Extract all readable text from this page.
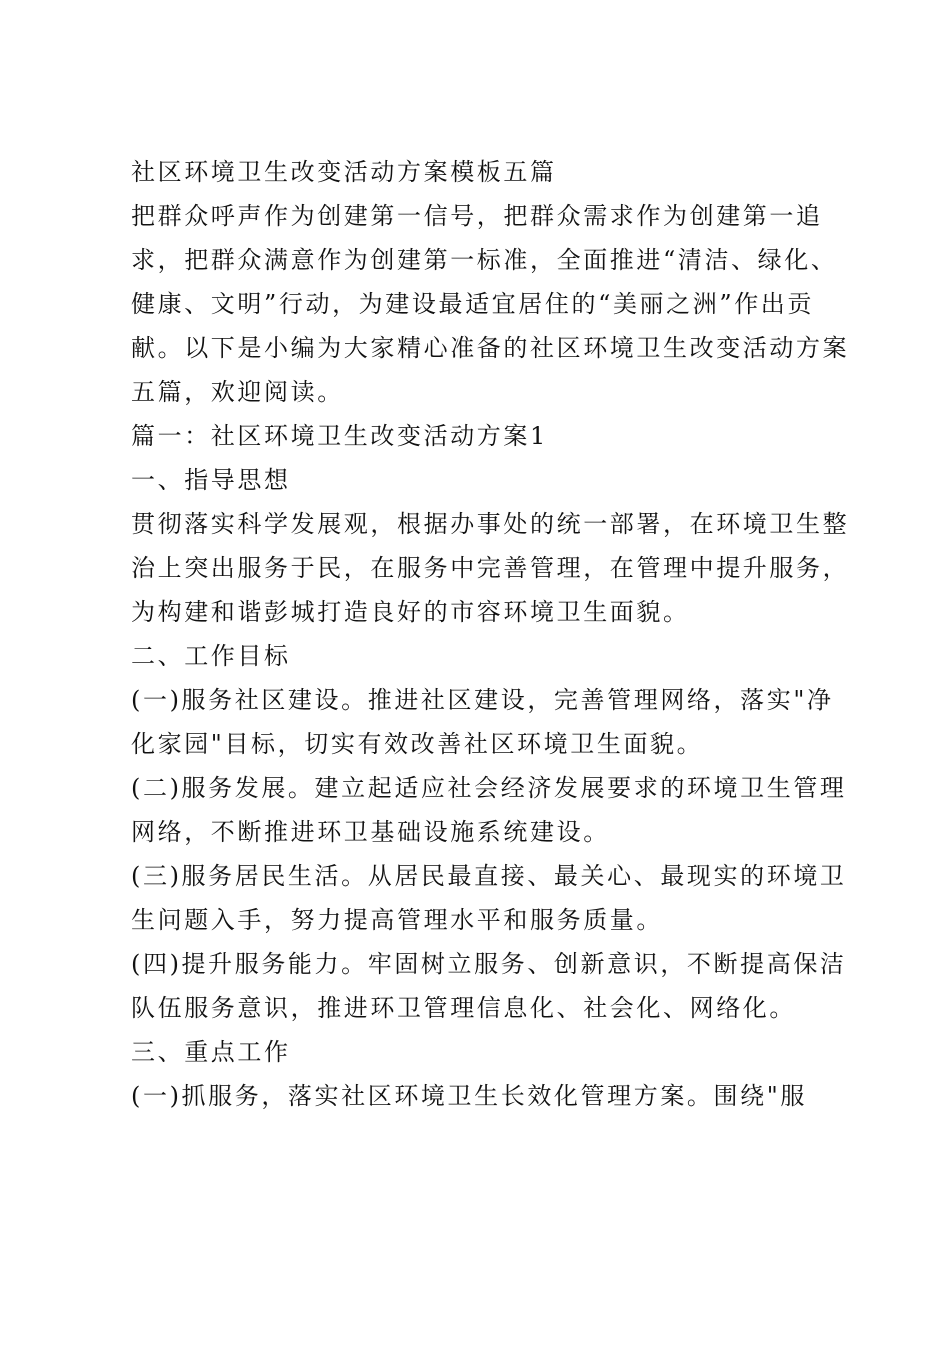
社区环境卫生改变活动方案模板五篇
把群众呼声作为创建第一信号，把群众需求作为创建第一追
求，把群众满意作为创建第一标准，全面推进“清洁、绿化、
健康、文明”行动，为建设最适宜居住的“美丽之洲”作出贡
献。以下是小编为大家精心准备的社区环境卫生改变活动方案
五篇，欢迎阅读。
篇一：社区环境卫生改变活动方案1
一、指导思想
贯彻落实科学发展观，根据办事处的统一部署，在环境卫生整
治上突出服务于民，在服务中完善管理，在管理中提升服务，
为构建和谐彭城打造良好的市容环境卫生面貌。
二、工作目标
(一)服务社区建设。推进社区建设，完善管理网络，落实"净
化家园"目标，切实有效改善社区环境卫生面貌。
(二)服务发展。建立起适应社会经济发展要求的环境卫生管理
网络，不断推进环卫基础设施系统建设。
(三)服务居民生活。从居民最直接、最关心、最现实的环境卫
生问题入手，努力提高管理水平和服务质量。
(四)提升服务能力。牢固树立服务、创新意识，不断提高保洁
队伍服务意识，推进环卫管理信息化、社会化、网络化。
三、重点工作
(一)抓服务，落实社区环境卫生长效化管理方案。围绕"服
